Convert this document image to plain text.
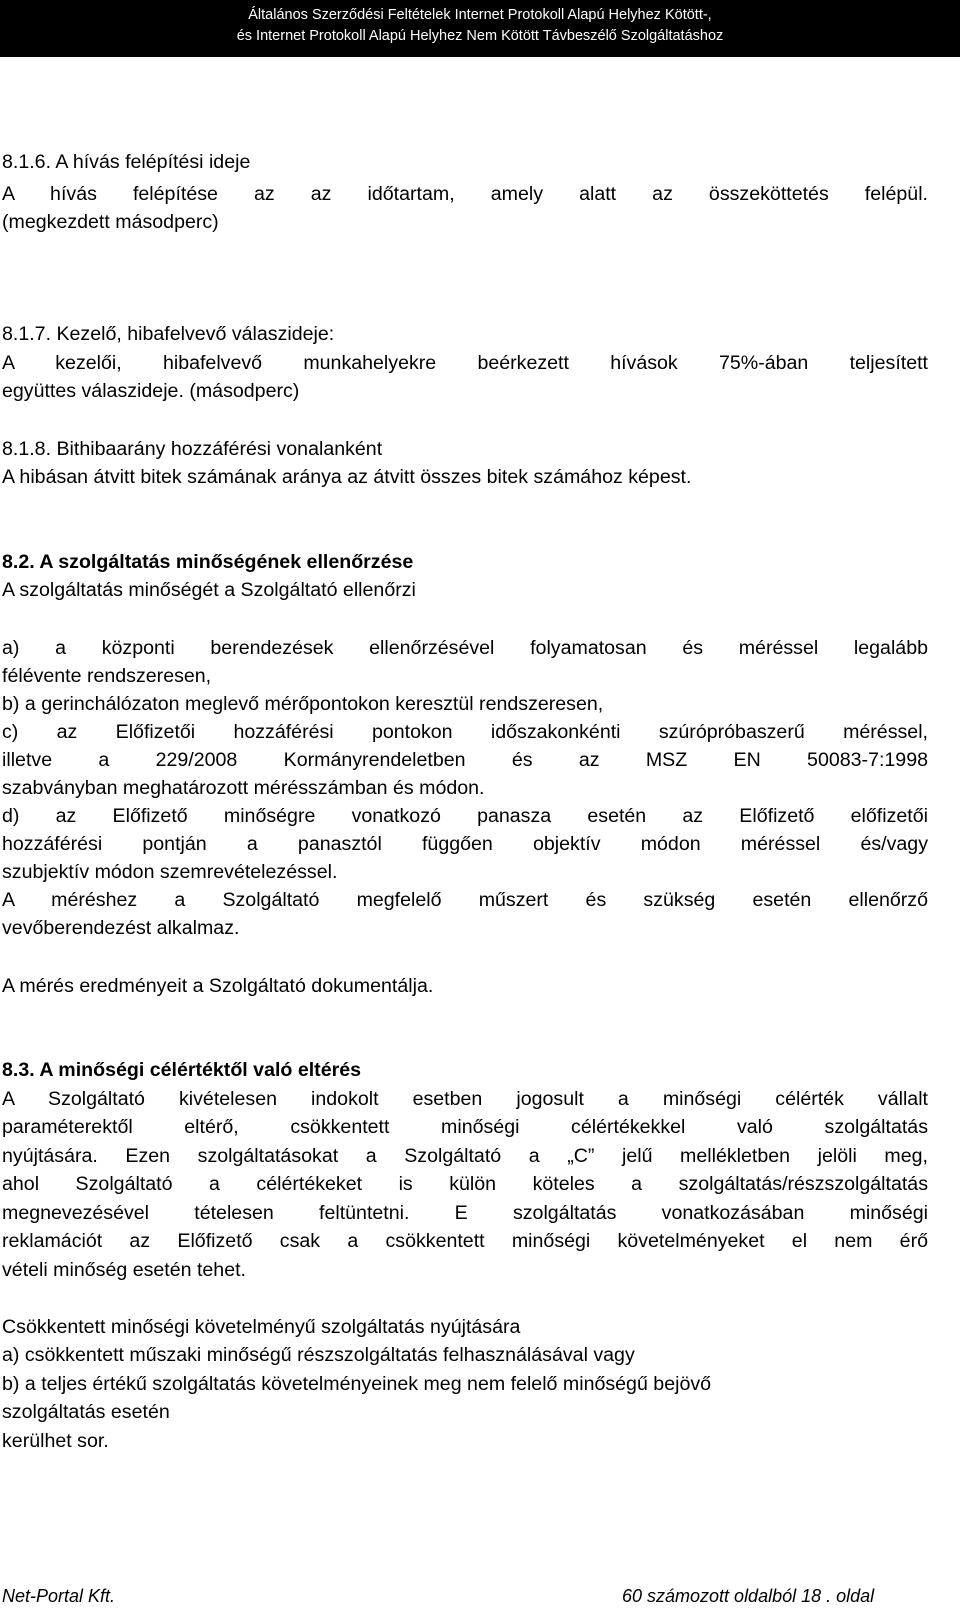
Általános Szerződési Feltételek Internet Protokoll Alapú Helyhez Kötött-,
és Internet Protokoll Alapú Helyhez Nem Kötött Távbeszélő Szolgáltatáshoz
8.1.6. A hívás felépítési ideje
A hívás felépítése az az időtartam, amely alatt az összeköttetés felépül.
(megkezdett másodperc)
8.1.7. Kezelő, hibafelvevő válaszideje:
A kezelői, hibafelvevő munkahelyekre beérkezett hívások 75%-ában teljesített
együttes válaszideje. (másodperc)
8.1.8. Bithibaarány hozzáférési vonalanként
A hibásan átvitt bitek számának aránya az átvitt összes bitek számához képest.
8.2. A szolgáltatás minőségének ellenőrzése
A szolgáltatás minőségét a Szolgáltató ellenőrzi
a) a központi berendezések ellenőrzésével folyamatosan és méréssel legalább
félévente rendszeresen,
b) a gerinchálózaton meglevő mérőpontokon keresztül rendszeresen,
c) az Előfizetői hozzáférési pontokon időszakonkénti szúrópróbaszerű méréssel,
illetve a 229/2008 Kormányrendeletben és az MSZ EN 50083-7:1998
szabványban meghatározott mérésszámban és módon.
d) az Előfizető minőségre vonatkozó panasza esetén az Előfizető előfizetői
hozzáférési pontján a panasztól függően objektív módon méréssel és/vagy
szubjektív módon szemrevételezéssel.
A méréshez a Szolgáltató megfelelő műszert és szükség esetén ellenőrző
vevőberendezést alkalmaz.
A mérés eredményeit a Szolgáltató dokumentálja.
8.3. A minőségi célértéktől való eltérés
A Szolgáltató kivételesen indokolt esetben jogosult a minőségi célérték vállalt
paraméterektől eltérő, csökkentett minőségi célértékekkel való szolgáltatás
nyújtására. Ezen szolgáltatásokat a Szolgáltató a „C” jelű mellékletben jelöli meg,
ahol Szolgáltató a célértékeket is külön köteles a szolgáltatás/részszolgáltatás
megnevezésével tételesen feltüntetni. E szolgáltatás vonatkozásában minőségi
reklamációt az Előfizető csak a csökkentett minőségi követelményeket el nem érő
vételi minőség esetén tehet.
Csökkentett minőségi követelményű szolgáltatás nyújtására
a) csökkentett műszaki minőségű részszolgáltatás felhasználásával vagy
b) a teljes értékű szolgáltatás követelményeinek meg nem felelő minőségű bejövő
szolgáltatás esetén
kerülhet sor.
Net-Portal Kft.	60 számozott oldalból 18 . oldal
